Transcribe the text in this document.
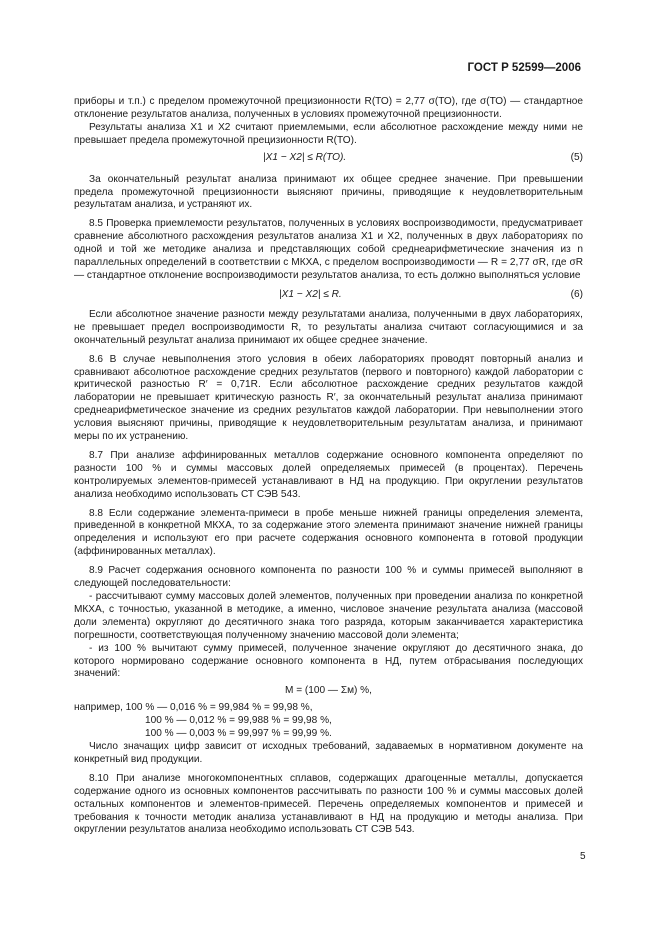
ГОСТ Р 52599—2006

приборы и т.п.) с пределом промежуточной прецизионности R(ТО) = 2,77 σ(ТО), где σ(ТО) — стандартное отклонение результатов анализа, полученных в условиях промежуточной прецизионности.

Результаты анализа X1 и X2 считают приемлемыми, если абсолютное расхождение между ними не превышает предела промежуточной прецизионности R(ТО).

|X1 − X2| ≤ R(ТО).	(5)

За окончательный результат анализа принимают их общее среднее значение. При превышении предела промежуточной прецизионности выясняют причины, приводящие к неудовлетворительным результатам анализа, и устраняют их.

8.5 Проверка приемлемости результатов, полученных в условиях воспроизводимости, предусматривает сравнение абсолютного расхождения результатов анализа X1 и X2, полученных в двух лабораториях по одной и той же методике анализа и представляющих собой среднеарифметические значения из n параллельных определений в соответствии с МКХА, с пределом воспроизводимости — R = 2,77 σR, где σR — стандартное отклонение воспроизводимости результатов анализа, то есть должно выполняться условие

|X1 − X2| ≤ R.	(6)

Если абсолютное значение разности между результатами анализа, полученными в двух лабораториях, не превышает предел воспроизводимости R, то результаты анализа считают согласующимися и за окончательный результат анализа принимают их общее среднее значение.

8.6 В случае невыполнения этого условия в обеих лабораториях проводят повторный анализ и сравнивают абсолютное расхождение средних результатов (первого и повторного) каждой лаборатории с критической разностью R′ = 0,71R. Если абсолютное расхождение средних результатов каждой лаборатории не превышает критическую разность R′, за окончательный результат анализа принимают среднеарифметическое значение из средних результатов каждой лаборатории. При невыполнении этого условия выясняют причины, приводящие к неудовлетворительным результатам анализа, и принимают меры по их устранению.

8.7 При анализе аффинированных металлов содержание основного компонента определяют по разности 100 % и суммы массовых долей определяемых примесей (в процентах). Перечень контролируемых элементов-примесей устанавливают в НД на продукцию. При округлении результатов анализа необходимо использовать СТ СЭВ 543.

8.8 Если содержание элемента-примеси в пробе меньше нижней границы определения элемента, приведенной в конкретной МКХА, то за содержание этого элемента принимают значение нижней границы определения и используют его при расчете содержания основного компонента в готовой продукции (аффинированных металлах).

8.9 Расчет содержания основного компонента по разности 100 % и суммы примесей выполняют в следующей последовательности:

- рассчитывают сумму массовых долей элементов, полученных при проведении анализа по конкретной МКХА, с точностью, указанной в методике, а именно, числовое значение результата анализа (массовой доли элемента) округляют до десятичного знака того разряда, которым заканчивается характеристика погрешности, соответствующая полученному значению массовой доли элемента;

- из 100 % вычитают сумму примесей, полученное значение округляют до десятичного знака, до которого нормировано содержание основного компонента в НД, путем отбрасывания последующих значений:

М = (100 — Σм) %,

например, 100 % — 0,016 % = 99,984 % = 99,98 %,

100 % — 0,012 % = 99,988 % = 99,98 %,

100 % — 0,003 % = 99,997 % = 99,99 %.

Число значащих цифр зависит от исходных требований, задаваемых в нормативном документе на конкретный вид продукции.

8.10 При анализе многокомпонентных сплавов, содержащих драгоценные металлы, допускается содержание одного из основных компонентов рассчитывать по разности 100 % и суммы массовых долей остальных компонентов и элементов-примесей. Перечень определяемых компонентов и примесей и требования к точности методик анализа устанавливают в НД на продукцию и методы анализа. При округлении результатов анализа необходимо использовать СТ СЭВ 543.

5
